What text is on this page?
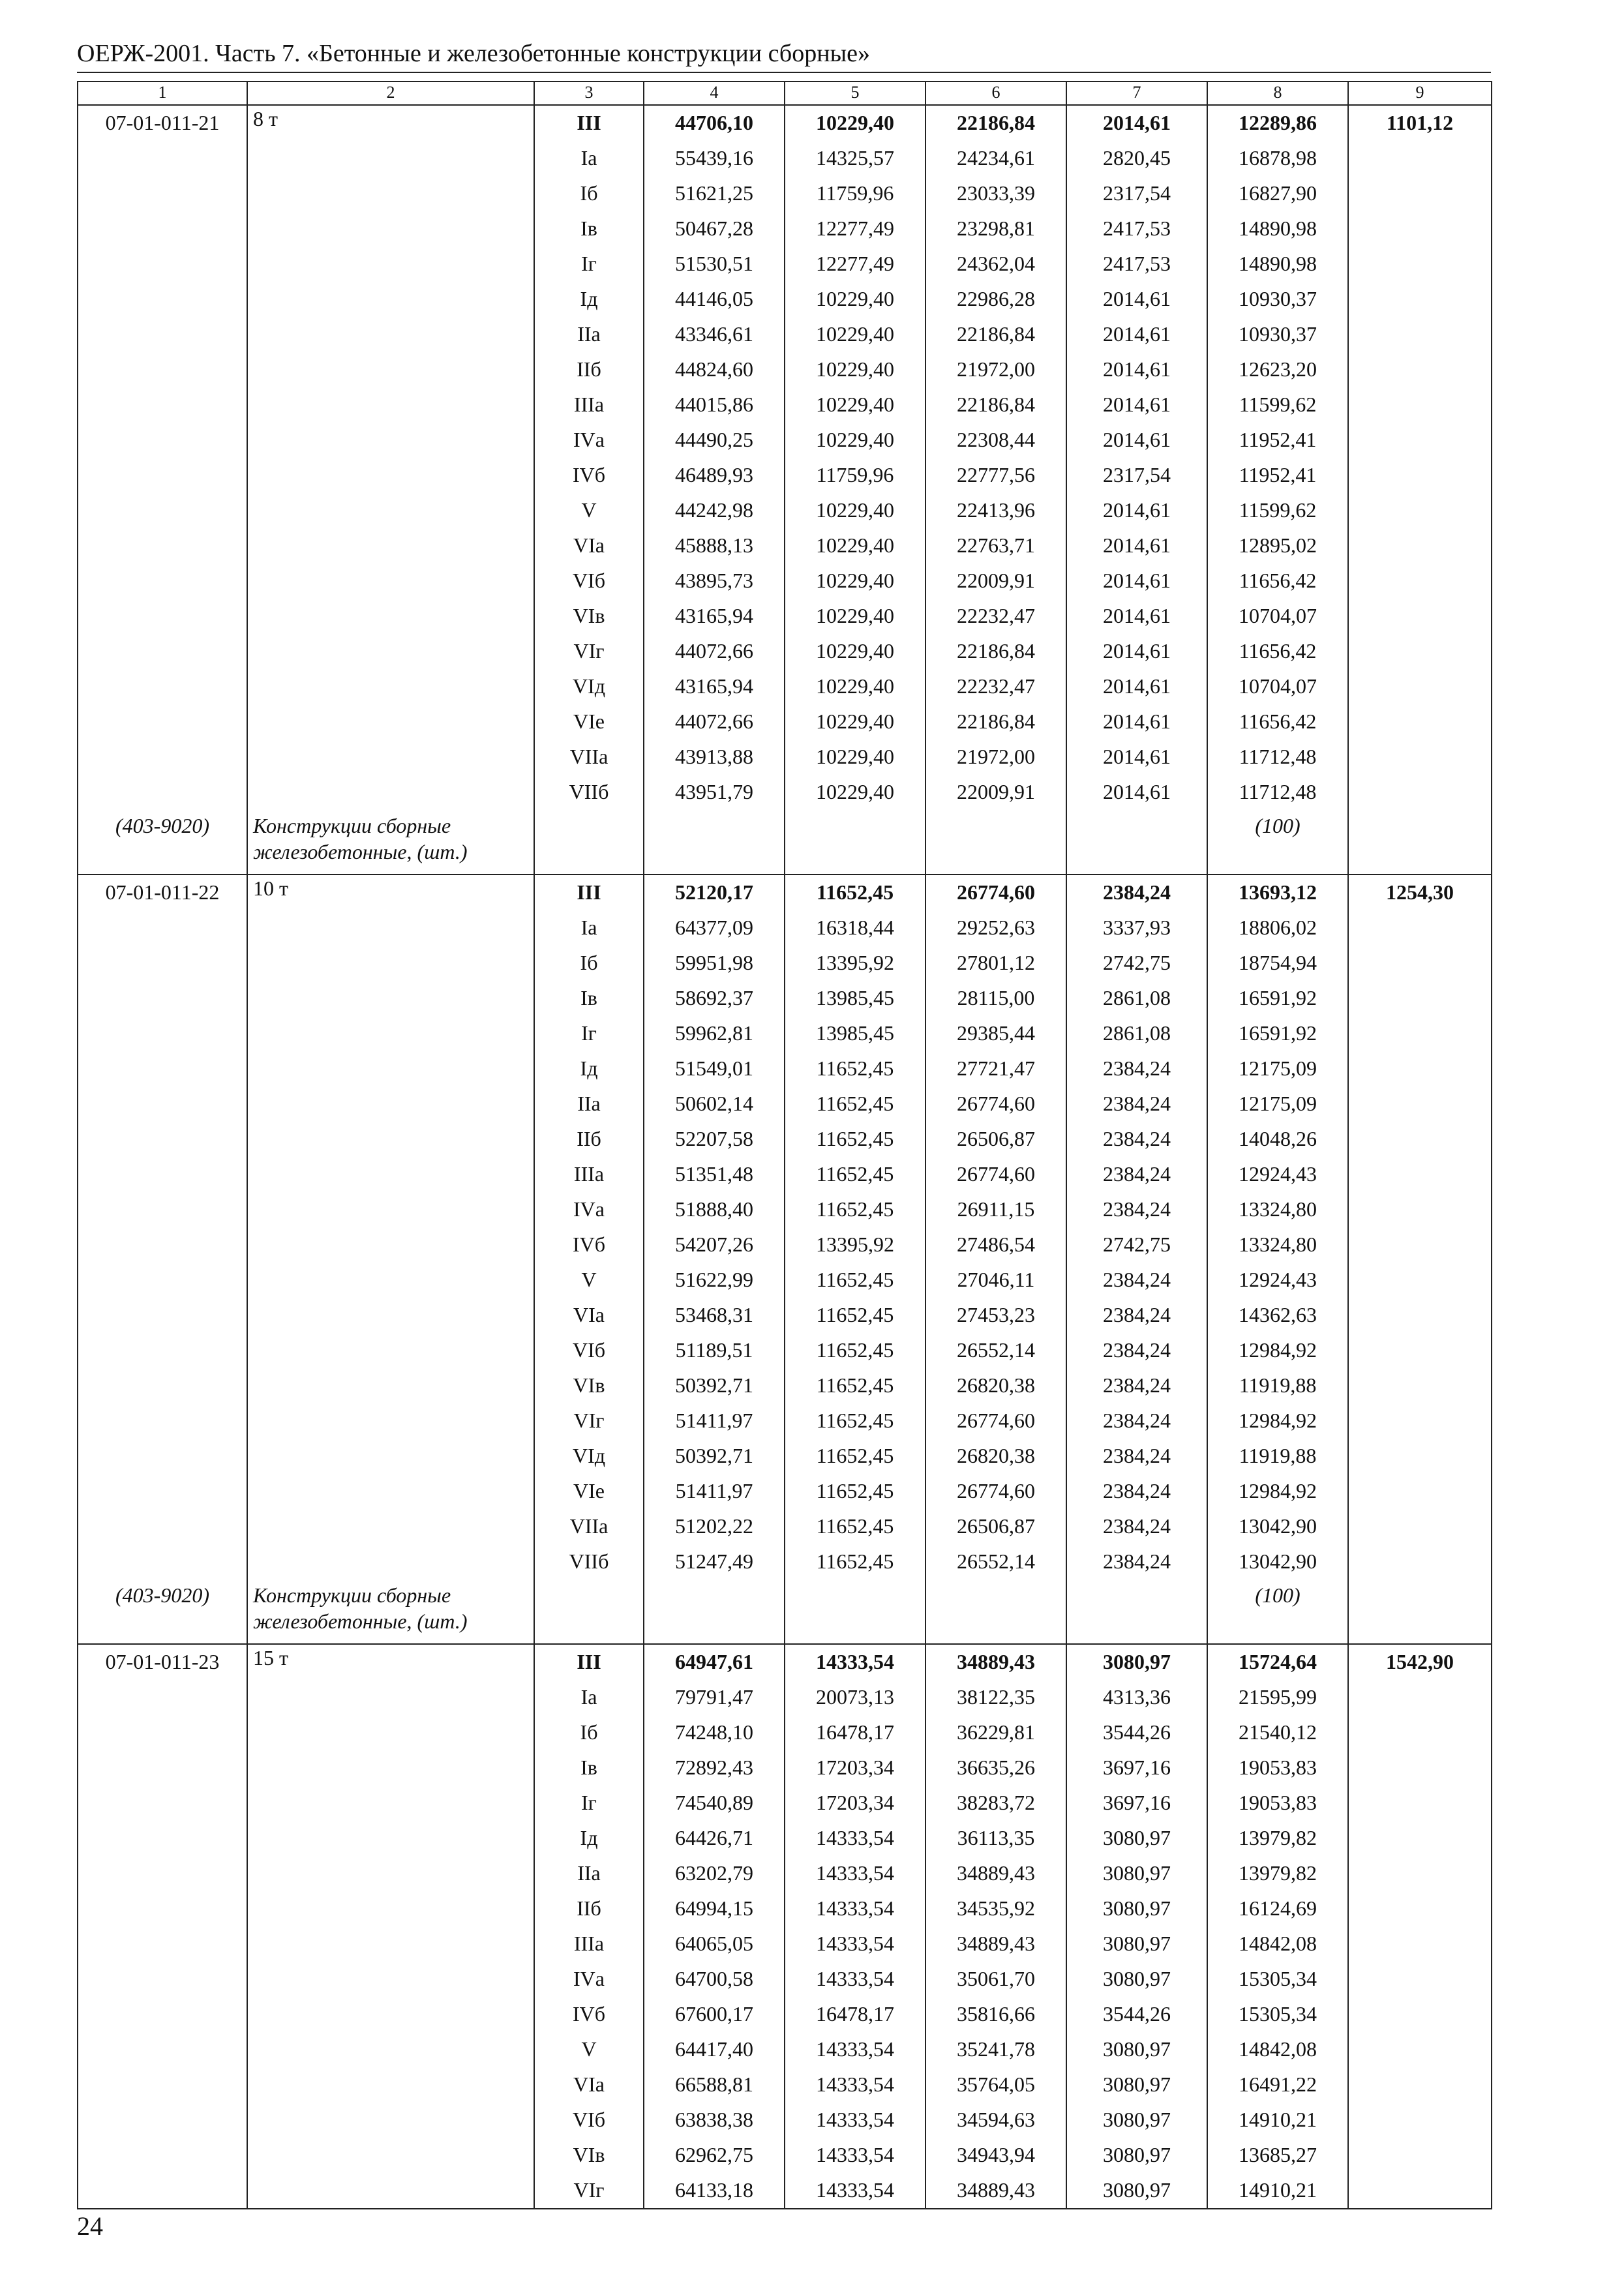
ОЕРЖ-2001. Часть 7. «Бетонные и железобетонные конструкции сборные»
1	2	3	4	5	6	7	8	9
07-01-011-21	8 т	III	44706,10	10229,40	22186,84	2014,61	12289,86	1101,12
		Iа	55439,16	14325,57	24234,61	2820,45	16878,98	
		Iб	51621,25	11759,96	23033,39	2317,54	16827,90	
		Iв	50467,28	12277,49	23298,81	2417,53	14890,98	
		Iг	51530,51	12277,49	24362,04	2417,53	14890,98	
		Iд	44146,05	10229,40	22986,28	2014,61	10930,37	
		IIа	43346,61	10229,40	22186,84	2014,61	10930,37	
		IIб	44824,60	10229,40	21972,00	2014,61	12623,20	
		IIIа	44015,86	10229,40	22186,84	2014,61	11599,62	
		IVа	44490,25	10229,40	22308,44	2014,61	11952,41	
		IVб	46489,93	11759,96	22777,56	2317,54	11952,41	
		V	44242,98	10229,40	22413,96	2014,61	11599,62	
		VIа	45888,13	10229,40	22763,71	2014,61	12895,02	
		VIб	43895,73	10229,40	22009,91	2014,61	11656,42	
		VIв	43165,94	10229,40	22232,47	2014,61	10704,07	
		VIг	44072,66	10229,40	22186,84	2014,61	11656,42	
		VIд	43165,94	10229,40	22232,47	2014,61	10704,07	
		VIе	44072,66	10229,40	22186,84	2014,61	11656,42	
		VIIа	43913,88	10229,40	21972,00	2014,61	11712,48	
		VIIб	43951,79	10229,40	22009,91	2014,61	11712,48	
(403-9020)	Конструкции сборные железобетонные, (шт.)						(100)	
07-01-011-22	10 т	III	52120,17	11652,45	26774,60	2384,24	13693,12	1254,30
		Iа	64377,09	16318,44	29252,63	3337,93	18806,02	
		Iб	59951,98	13395,92	27801,12	2742,75	18754,94	
		Iв	58692,37	13985,45	28115,00	2861,08	16591,92	
		Iг	59962,81	13985,45	29385,44	2861,08	16591,92	
		Iд	51549,01	11652,45	27721,47	2384,24	12175,09	
		IIа	50602,14	11652,45	26774,60	2384,24	12175,09	
		IIб	52207,58	11652,45	26506,87	2384,24	14048,26	
		IIIа	51351,48	11652,45	26774,60	2384,24	12924,43	
		IVа	51888,40	11652,45	26911,15	2384,24	13324,80	
		IVб	54207,26	13395,92	27486,54	2742,75	13324,80	
		V	51622,99	11652,45	27046,11	2384,24	12924,43	
		VIа	53468,31	11652,45	27453,23	2384,24	14362,63	
		VIб	51189,51	11652,45	26552,14	2384,24	12984,92	
		VIв	50392,71	11652,45	26820,38	2384,24	11919,88	
		VIг	51411,97	11652,45	26774,60	2384,24	12984,92	
		VIд	50392,71	11652,45	26820,38	2384,24	11919,88	
		VIе	51411,97	11652,45	26774,60	2384,24	12984,92	
		VIIа	51202,22	11652,45	26506,87	2384,24	13042,90	
		VIIб	51247,49	11652,45	26552,14	2384,24	13042,90	
(403-9020)	Конструкции сборные железобетонные, (шт.)						(100)	
07-01-011-23	15 т	III	64947,61	14333,54	34889,43	3080,97	15724,64	1542,90
		Iа	79791,47	20073,13	38122,35	4313,36	21595,99	
		Iб	74248,10	16478,17	36229,81	3544,26	21540,12	
		Iв	72892,43	17203,34	36635,26	3697,16	19053,83	
		Iг	74540,89	17203,34	38283,72	3697,16	19053,83	
		Iд	64426,71	14333,54	36113,35	3080,97	13979,82	
		IIа	63202,79	14333,54	34889,43	3080,97	13979,82	
		IIб	64994,15	14333,54	34535,92	3080,97	16124,69	
		IIIа	64065,05	14333,54	34889,43	3080,97	14842,08	
		IVа	64700,58	14333,54	35061,70	3080,97	15305,34	
		IVб	67600,17	16478,17	35816,66	3544,26	15305,34	
		V	64417,40	14333,54	35241,78	3080,97	14842,08	
		VIа	66588,81	14333,54	35764,05	3080,97	16491,22	
		VIб	63838,38	14333,54	34594,63	3080,97	14910,21	
		VIв	62962,75	14333,54	34943,94	3080,97	13685,27	
		VIг	64133,18	14333,54	34889,43	3080,97	14910,21	
24
